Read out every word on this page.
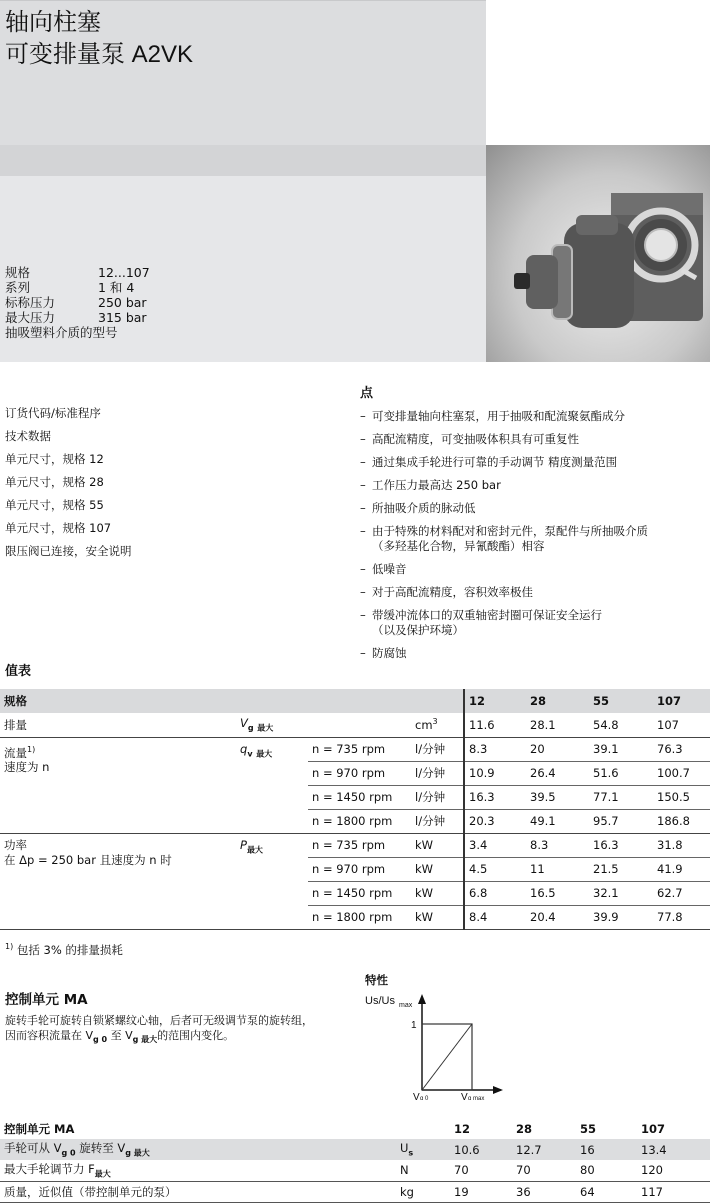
轴向柱塞
可变排量泵 A2VK
规格	12...107
系列	1 和 4
标称压力	250 bar
最大压力	315 bar
抽吸塑料介质的型号
订货代码/标准程序
技术数据
单元尺寸，规格 12
单元尺寸，规格 28
单元尺寸，规格 55
单元尺寸，规格 107
限压阀已连接，安全说明
点
– 可变排量轴向柱塞泵，用于抽吸和配流聚氨酯成分
– 高配流精度，可变抽吸体积具有可重复性
– 通过集成手轮进行可靠的手动调节 精度测量范围
– 工作压力最高达 250 bar
– 所抽吸介质的脉动低
– 由于特殊的材料配对和密封元件，泵配件与所抽吸介质
（多羟基化合物，异氰酸酯）相容
– 低噪音
– 对于高配流精度，容积效率极佳
– 带缓冲流体口的双重轴密封圈可保证安全运行
（以及保护环境）
– 防腐蚀
值表
规格				12	28	55	107
排量	$V_g$ $_{最大}$		$cm^3$	11.6	28.1	54.8	107
流量$^{1)}$
速度为 n	$q_v$ $_{最大}$	n = 735 rpm	l/分钟	8.3	20	39.1	76.3
		n = 970 rpm	l/分钟	10.9	26.4	51.6	100.7
		n = 1450 rpm	l/分钟	16.3	39.5	77.1	150.5
		n = 1800 rpm	l/分钟	20.3	49.1	95.7	186.8
功率
在 Δp = 250 bar 且速度为 n 时	$P_{最大}$	n = 735 rpm	kW	3.4	8.3	16.3	31.8
		n = 970 rpm	kW	4.5	11	21.5	41.9
		n = 1450 rpm	kW	6.8	16.5	32.1	62.7
		n = 1800 rpm	kW	8.4	20.4	39.9	77.8
$^{1)}$ 包括 3% 的排量损耗
控制单元 MA
旋转手轮可旋转自锁紧螺纹心轴，后者可无级调节泵的旋转组，
因而容积流量在 $V_{g 0}$ 至 $V_{g 最大}$的范围内变化。
特性
Us/Us max
1
V g 0	V g max
控制单元 MA		12	28	55	107
手轮可从 $V_{g 0}$ 旋转至 $V_{g 最大}$	$U_s$	10.6	12.7	16	13.4
最大手轮调节力 $F_{最大}$	N	70	70	80	120
质量，近似值（带控制单元的泵）	kg	19	36	64	117
